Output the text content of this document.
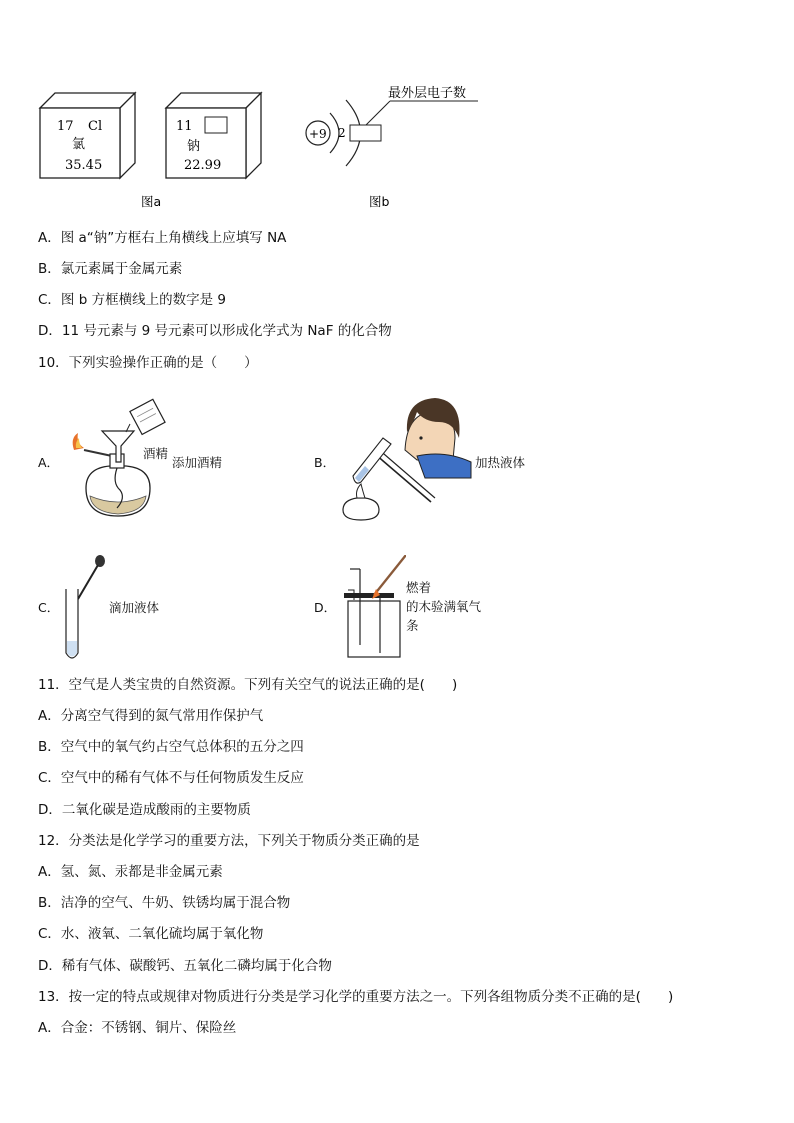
17 Cl
氯
35.45
11
钠
22.99
+9 2
最外层电子数
图a	图b
A．图 a“钠”方框右上角横线上应填写 NA
B．氯元素属于金属元素
C．图 b 方框横线上的数字是 9
D．11 号元素与 9 号元素可以形成化学式为 NaF 的化合物
10．下列实验操作正确的是（　　）
A．
酒精
添加酒精	B．	加热液体
C．	滴加液体	D．
燃着
的木验满氧气
条
11．空气是人类宝贵的自然资源。下列有关空气的说法正确的是(　　)
A．分离空气得到的氮气常用作保护气
B．空气中的氧气约占空气总体积的五分之四
C．空气中的稀有气体不与任何物质发生反应
D．二氧化碳是造成酸雨的主要物质
12．分类法是化学学习的重要方法，下列关于物质分类正确的是
A．氢、氮、汞都是非金属元素
B．洁净的空气、牛奶、铁锈均属于混合物
C．水、液氧、二氧化硫均属于氧化物
D．稀有气体、碳酸钙、五氧化二磷均属于化合物
13．按一定的特点或规律对物质进行分类是学习化学的重要方法之一。下列各组物质分类不正确的是(　　)
A．合金：不锈钢、铜片、保险丝
